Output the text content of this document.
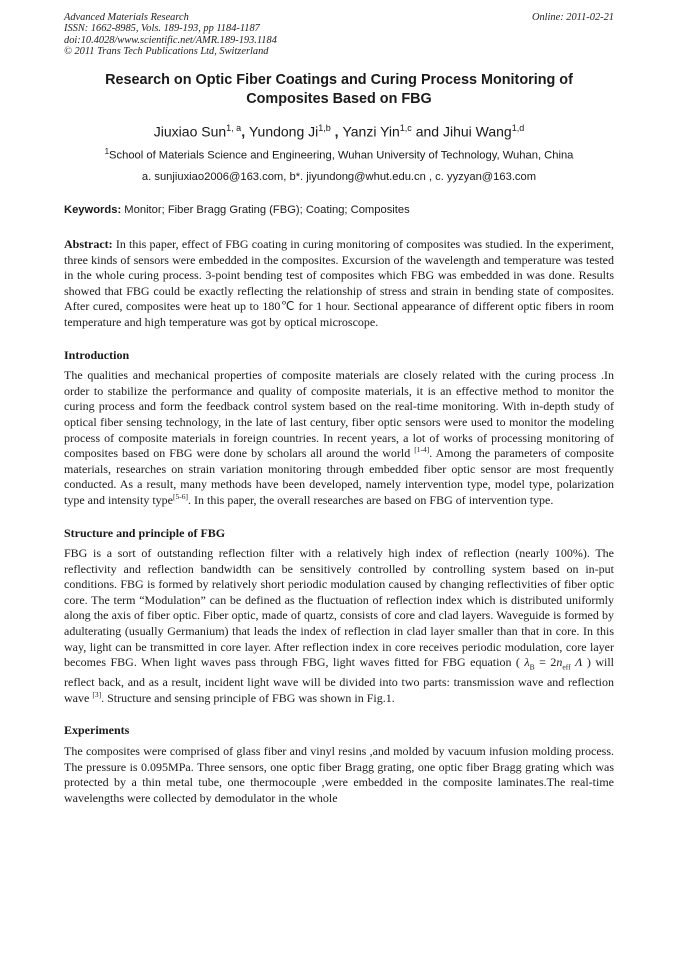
Advanced Materials Research
ISSN: 1662-8985, Vols. 189-193, pp 1184-1187
doi:10.4028/www.scientific.net/AMR.189-193.1184
© 2011 Trans Tech Publications Ltd, Switzerland
Online: 2011-02-21
Research on Optic Fiber Coatings and Curing Process Monitoring of Composites Based on FBG
Jiuxiao Sun$^{1, a}$, Yundong Ji$^{1,b}$ , Yanzi Yin$^{1,c}$ and Jihui Wang$^{1,d}$
$^1$School of Materials Science and Engineering, Wuhan University of Technology, Wuhan, China
a. sunjiuxiao2006@163.com, b*. jiyundong@whut.edu.cn , c. yyzyan@163.com
Keywords: Monitor; Fiber Bragg Grating (FBG); Coating; Composites
Abstract: In this paper, effect of FBG coating in curing monitoring of composites was studied. In the experiment, three kinds of sensors were embedded in the composites. Excursion of the wavelength and temperature was tested in the whole curing process. 3-point bending test of composites which FBG was embedded in was done. Results showed that FBG could be exactly reflecting the relationship of stress and strain in bending state of composites. After cured, composites were heat up to 180℃ for 1 hour. Sectional appearance of different optic fibers in room temperature and high temperature was got by optical microscope.
Introduction
The qualities and mechanical properties of composite materials are closely related with the curing process .In order to stabilize the performance and quality of composite materials, it is an effective method to monitor the curing process and form the feedback control system based on the real-time monitoring. With in-depth study of optical fiber sensing technology, in the late of last century, fiber optic sensors were used to monitor the modeling process of composite materials in foreign countries. In recent years, a lot of works of processing monitoring of composites based on FBG were done by scholars all around the world [1-4]. Among the parameters of composite materials, researches on strain variation monitoring through embedded fiber optic sensor are most frequently conducted. As a result, many methods have been developed, namely intervention type, model type, polarization type and intensity type[5-6]. In this paper, the overall researches are based on FBG of intervention type.
Structure and principle of FBG
FBG is a sort of outstanding reflection filter with a relatively high index of reflection (nearly 100%). The reflectivity and reflection bandwidth can be sensitively controlled by controlling system based on in-put conditions. FBG is formed by relatively short periodic modulation caused by changing reflectivities of fiber optic core. The term “Modulation” can be defined as the fluctuation of reflection index which is distributed uniformly along the axis of fiber optic. Fiber optic, made of quartz, consists of core and clad layers. Waveguide is formed by adulterating (usually Germanium) that leads the index of reflection in clad layer smaller than that in core. In this way, light can be transmitted in core layer. After reflection index in core receives periodic modulation, core layer becomes FBG. When light waves pass through FBG, light waves fitted for FBG equation ( $\lambda_B = 2n_{eff}$ Λ ) will reflect back, and as a result, incident light wave will be divided into two parts: transmission wave and reflection wave [3]. Structure and sensing principle of FBG was shown in Fig.1.
Experiments
The composites were comprised of glass fiber and vinyl resins ,and molded by vacuum infusion molding process. The pressure is 0.095MPa. Three sensors, one optic fiber Bragg grating, one optic fiber Bragg grating which was protected by a thin metal tube, one thermocouple ,were embedded in the composite laminates.The real-time wavelengths were collected by demodulator in the whole
